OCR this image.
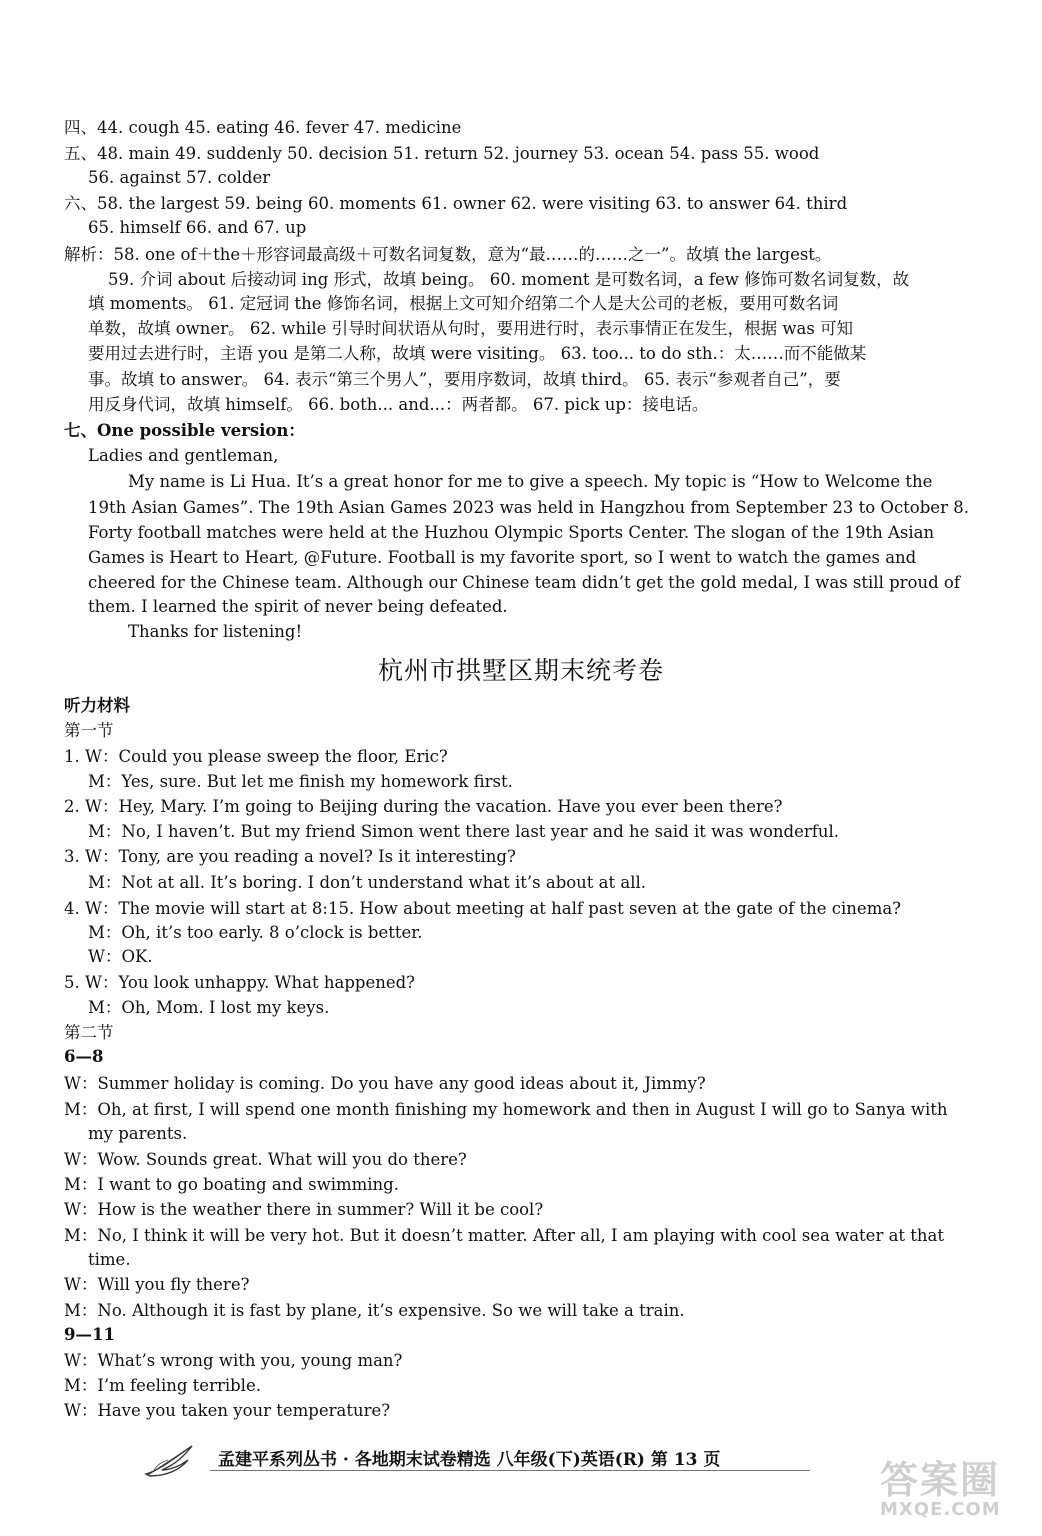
四、44. cough 45. eating 46. fever 47. medicine
五、48. main 49. suddenly 50. decision 51. return 52. journey 53. ocean 54. pass 55. wood
56. against 57. colder
六、58. the largest 59. being 60. moments 61. owner 62. were visiting 63. to answer 64. third
65. himself 66. and 67. up
解析：58. one of＋the＋形容词最高级＋可数名词复数，意为“最……的……之一”。故填 the largest。
59. 介词 about 后接动词 ing 形式，故填 being。 60. moment 是可数名词，a few 修饰可数名词复数，故
填 moments。 61. 定冠词 the 修饰名词，根据上文可知介绍第二个人是大公司的老板，要用可数名词
单数，故填 owner。 62. while 引导时间状语从句时，要用进行时，表示事情正在发生，根据 was 可知
要用过去进行时，主语 you 是第二人称，故填 were visiting。 63. too... to do sth.：太……而不能做某
事。故填 to answer。 64. 表示“第三个男人”，要用序数词，故填 third。 65. 表示“参观者自己”，要
用反身代词，故填 himself。 66. both... and...：两者都。 67. pick up：接电话。
七、One possible version：
Ladies and gentleman,
My name is Li Hua. It’s a great honor for me to give a speech. My topic is “How to Welcome the
19th Asian Games”. The 19th Asian Games 2023 was held in Hangzhou from September 23 to October 8.
Forty football matches were held at the Huzhou Olympic Sports Center. The slogan of the 19th Asian
Games is Heart to Heart, @Future. Football is my favorite sport, so I went to watch the games and
cheered for the Chinese team. Although our Chinese team didn’t get the gold medal, I was still proud of
them. I learned the spirit of never being defeated.
Thanks for listening!
杭州市拱墅区期末统考卷
听力材料
第一节
1. W：Could you please sweep the floor, Eric?
M：Yes, sure. But let me finish my homework first.
2. W：Hey, Mary. I’m going to Beijing during the vacation. Have you ever been there?
M：No, I haven’t. But my friend Simon went there last year and he said it was wonderful.
3. W：Tony, are you reading a novel? Is it interesting?
M：Not at all. It’s boring. I don’t understand what it’s about at all.
4. W：The movie will start at 8:15. How about meeting at half past seven at the gate of the cinema?
M：Oh, it’s too early. 8 o’clock is better.
W：OK.
5. W：You look unhappy. What happened?
M：Oh, Mom. I lost my keys.
第二节
6—8
W：Summer holiday is coming. Do you have any good ideas about it, Jimmy?
M：Oh, at first, I will spend one month finishing my homework and then in August I will go to Sanya with
my parents.
W：Wow. Sounds great. What will you do there?
M：I want to go boating and swimming.
W：How is the weather there in summer? Will it be cool?
M：No, I think it will be very hot. But it doesn’t matter. After all, I am playing with cool sea water at that
time.
W：Will you fly there?
M：No. Although it is fast by plane, it’s expensive. So we will take a train.
9—11
W：What’s wrong with you, young man?
M：I’m feeling terrible.
W：Have you taken your temperature?
孟建平系列丛书 · 各地期末试卷精选 八年级(下)英语(R) 第 13 页	答案圈
MXQE.COM
